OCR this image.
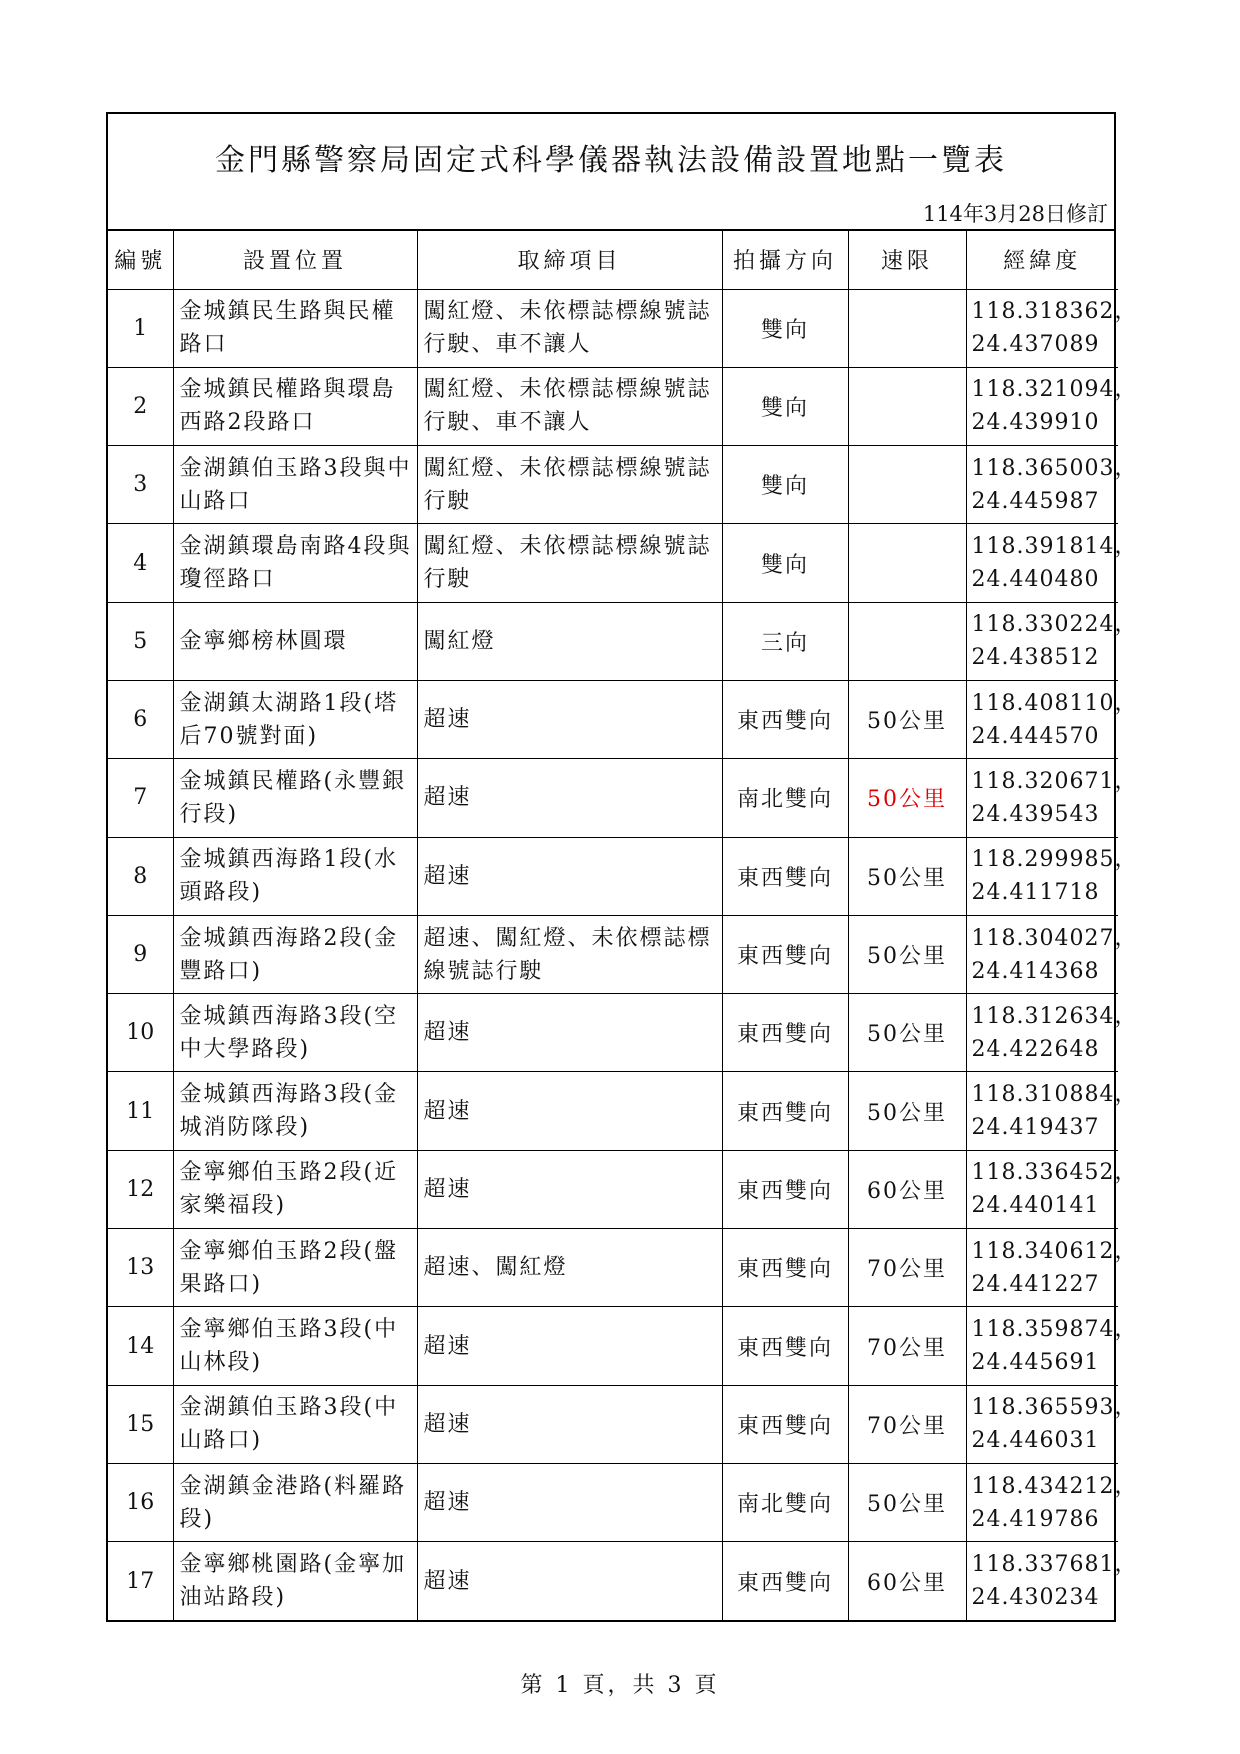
金門縣警察局固定式科學儀器執法設備設置地點一覽表
114年3月28日修訂
編號	設置位置	取締項目	拍攝方向	速限	經緯度
1	金城鎮民生路與民權路口	闖紅燈、未依標誌標線號誌行駛、車不讓人	雙向		118.318362，24.437089
2	金城鎮民權路與環島西路2段路口	闖紅燈、未依標誌標線號誌行駛、車不讓人	雙向		118.321094，24.439910
3	金湖鎮伯玉路3段與中山路口	闖紅燈、未依標誌標線號誌行駛	雙向		118.365003，24.445987
4	金湖鎮環島南路4段與瓊徑路口	闖紅燈、未依標誌標線號誌行駛	雙向		118.391814，24.440480
5	金寧鄉榜林圓環	闖紅燈	三向		118.330224，24.438512
6	金湖鎮太湖路1段(塔后70號對面)	超速	東西雙向	50公里	118.408110，24.444570
7	金城鎮民權路(永豐銀行段)	超速	南北雙向	50公里	118.320671，24.439543
8	金城鎮西海路1段(水頭路段)	超速	東西雙向	50公里	118.299985，24.411718
9	金城鎮西海路2段(金豐路口)	超速、闖紅燈、未依標誌標線號誌行駛	東西雙向	50公里	118.304027，24.414368
10	金城鎮西海路3段(空中大學路段)	超速	東西雙向	50公里	118.312634，24.422648
11	金城鎮西海路3段(金城消防隊段)	超速	東西雙向	50公里	118.310884，24.419437
12	金寧鄉伯玉路2段(近家樂福段)	超速	東西雙向	60公里	118.336452，24.440141
13	金寧鄉伯玉路2段(盤果路口)	超速、闖紅燈	東西雙向	70公里	118.340612，24.441227
14	金寧鄉伯玉路3段(中山林段)	超速	東西雙向	70公里	118.359874，24.445691
15	金湖鎮伯玉路3段(中山路口)	超速	東西雙向	70公里	118.365593，24.446031
16	金湖鎮金港路(料羅路段)	超速	南北雙向	50公里	118.434212，24.419786
17	金寧鄉桃園路(金寧加油站路段)	超速	東西雙向	60公里	118.337681，24.430234
第 1 頁，共 3 頁
